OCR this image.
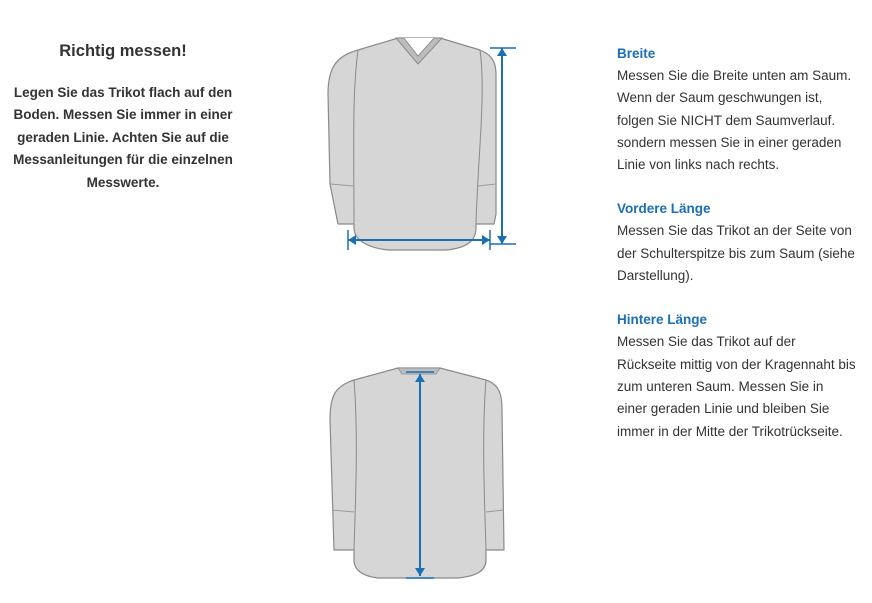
Richtig messen!

Legen Sie das Trikot flach auf den Boden. Messen Sie immer in einer geraden Linie. Achten Sie auf die Messanleitungen für die einzelnen Messwerte.

Breite

Messen Sie die Breite unten am Saum. Wenn der Saum geschwungen ist, folgen Sie NICHT dem Saumverlauf. sondern messen Sie in einer geraden Linie von links nach rechts.

Vordere Länge

Messen Sie das Trikot an der Seite von der Schulterspitze bis zum Saum (siehe Darstellung).

Hintere Länge

Messen Sie das Trikot auf der Rückseite mittig von der Kragennaht bis zum unteren Saum. Messen Sie in einer geraden Linie und bleiben Sie immer in der Mitte der Trikotrückseite.
